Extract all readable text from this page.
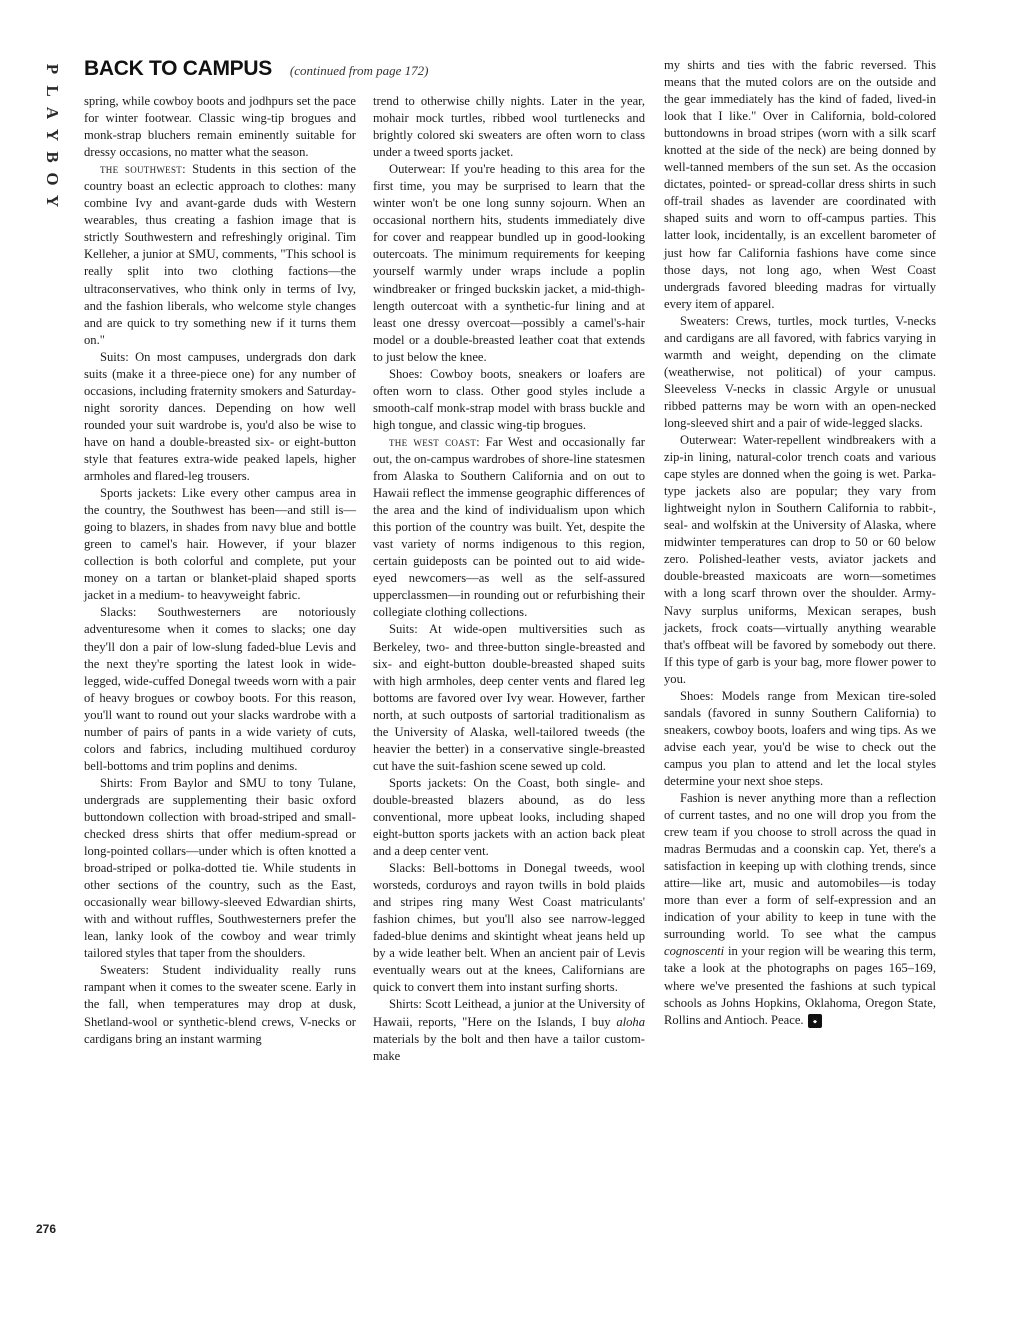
P
L
A
Y
B
O
Y
BACK TO CAMPUS (continued from page 172)

spring, while cowboy boots and jodhpurs set the pace for winter footwear. Classic wing-tip brogues and monk-strap bluchers remain eminently suitable for dressy occasions, no matter what the season.

the southwest: Students in this section of the country boast an eclectic approach to clothes: many combine Ivy and avant-garde duds with Western wearables, thus creating a fashion image that is strictly Southwestern and refreshingly original. Tim Kelleher, a junior at SMU, comments, "This school is really split into two clothing factions—the ultraconservatives, who think only in terms of Ivy, and the fashion liberals, who welcome style changes and are quick to try something new if it turns them on."

Suits: On most campuses, undergrads don dark suits (make it a three-piece one) for any number of occasions, including fraternity smokers and Saturday-night sorority dances. Depending on how well rounded your suit wardrobe is, you'd also be wise to have on hand a double-breasted six- or eight-button style that features extra-wide peaked lapels, higher armholes and flared-leg trousers.

Sports jackets: Like every other campus area in the country, the Southwest has been—and still is—going to blazers, in shades from navy blue and bottle green to camel's hair. However, if your blazer collection is both colorful and complete, put your money on a tartan or blanket-plaid shaped sports jacket in a medium- to heavyweight fabric.

Slacks: Southwesterners are notoriously adventuresome when it comes to slacks; one day they'll don a pair of low-slung faded-blue Levis and the next they're sporting the latest look in wide-legged, wide-cuffed Donegal tweeds worn with a pair of heavy brogues or cowboy boots. For this reason, you'll want to round out your slacks wardrobe with a number of pairs of pants in a wide variety of cuts, colors and fabrics, including multihued corduroy bell-bottoms and trim poplins and denims.

Shirts: From Baylor and SMU to tony Tulane, undergrads are supplementing their basic oxford buttondown collection with broad-striped and small-checked dress shirts that offer medium-spread or long-pointed collars—under which is often knotted a broad-striped or polka-dotted tie. While students in other sections of the country, such as the East, occasionally wear billowy-sleeved Edwardian shirts, with and without ruffles, Southwesterners prefer the lean, lanky look of the cowboy and wear trimly tailored styles that taper from the shoulders.

Sweaters: Student individuality really runs rampant when it comes to the sweater scene. Early in the fall, when temperatures may drop at dusk, Shetland-wool or synthetic-blend crews, V-necks or cardigans bring an instant warming

trend to otherwise chilly nights. Later in the year, mohair mock turtles, ribbed wool turtlenecks and brightly colored ski sweaters are often worn to class under a tweed sports jacket.

Outerwear: If you're heading to this area for the first time, you may be surprised to learn that the winter won't be one long sunny sojourn. When an occasional northern hits, students immediately dive for cover and reappear bundled up in good-looking outercoats. The minimum requirements for keeping yourself warmly under wraps include a poplin windbreaker or fringed buckskin jacket, a mid-thigh-length outercoat with a synthetic-fur lining and at least one dressy overcoat—possibly a camel's-hair model or a double-breasted leather coat that extends to just below the knee.

Shoes: Cowboy boots, sneakers or loafers are often worn to class. Other good styles include a smooth-calf monk-strap model with brass buckle and high tongue, and classic wing-tip brogues.

the west coast: Far West and occasionally far out, the on-campus wardrobes of shore-line statesmen from Alaska to Southern California and on out to Hawaii reflect the immense geographic differences of the area and the kind of individualism upon which this portion of the country was built. Yet, despite the vast variety of norms indigenous to this region, certain guideposts can be pointed out to aid wide-eyed newcomers—as well as the self-assured upperclassmen—in rounding out or refurbishing their collegiate clothing collections.

Suits: At wide-open multiversities such as Berkeley, two- and three-button single-breasted and six- and eight-button double-breasted shaped suits with high armholes, deep center vents and flared leg bottoms are favored over Ivy wear. However, farther north, at such outposts of sartorial traditionalism as the University of Alaska, well-tailored tweeds (the heavier the better) in a conservative single-breasted cut have the suit-fashion scene sewed up cold.

Sports jackets: On the Coast, both single- and double-breasted blazers abound, as do less conventional, more upbeat looks, including shaped eight-button sports jackets with an action back pleat and a deep center vent.

Slacks: Bell-bottoms in Donegal tweeds, wool worsteds, corduroys and rayon twills in bold plaids and stripes ring many West Coast matriculants' fashion chimes, but you'll also see narrow-legged faded-blue denims and skintight wheat jeans held up by a wide leather belt. When an ancient pair of Levis eventually wears out at the knees, Californians are quick to convert them into instant surfing shorts.

Shirts: Scott Leithead, a junior at the University of Hawaii, reports, "Here on the Islands, I buy aloha materials by the bolt and then have a tailor custom-make

my shirts and ties with the fabric reversed. This means that the muted colors are on the outside and the gear immediately has the kind of faded, lived-in look that I like." Over in California, bold-colored buttondowns in broad stripes (worn with a silk scarf knotted at the side of the neck) are being donned by well-tanned members of the sun set. As the occasion dictates, pointed- or spread-collar dress shirts in such off-trail shades as lavender are coordinated with shaped suits and worn to off-campus parties. This latter look, incidentally, is an excellent barometer of just how far California fashions have come since those days, not long ago, when West Coast undergrads favored bleeding madras for virtually every item of apparel.

Sweaters: Crews, turtles, mock turtles, V-necks and cardigans are all favored, with fabrics varying in warmth and weight, depending on the climate (weatherwise, not political) of your campus. Sleeveless V-necks in classic Argyle or unusual ribbed patterns may be worn with an open-necked long-sleeved shirt and a pair of wide-legged slacks.

Outerwear: Water-repellent windbreakers with a zip-in lining, natural-color trench coats and various cape styles are donned when the going is wet. Parka-type jackets also are popular; they vary from lightweight nylon in Southern California to rabbit-, seal- and wolfskin at the University of Alaska, where midwinter temperatures can drop to 50 or 60 below zero. Polished-leather vests, aviator jackets and double-breasted maxicoats are worn—sometimes with a long scarf thrown over the shoulder. Army-Navy surplus uniforms, Mexican serapes, bush jackets, frock coats—virtually anything wearable that's offbeat will be favored by somebody out there. If this type of garb is your bag, more flower power to you.

Shoes: Models range from Mexican tire-soled sandals (favored in sunny Southern California) to sneakers, cowboy boots, loafers and wing tips. As we advise each year, you'd be wise to check out the campus you plan to attend and let the local styles determine your next shoe steps.

Fashion is never anything more than a reflection of current tastes, and no one will drop you from the crew team if you choose to stroll across the quad in madras Bermudas and a coonskin cap. Yet, there's a satisfaction in keeping up with clothing trends, since attire—like art, music and automobiles—is today more than ever a form of self-expression and an indication of your ability to keep in tune with the surrounding world. To see what the campus cognoscenti in your region will be wearing this term, take a look at the photographs on pages 165–169, where we've presented the fashions at such typical schools as Johns Hopkins, Oklahoma, Oregon State, Rollins and Antioch. Peace.

276
